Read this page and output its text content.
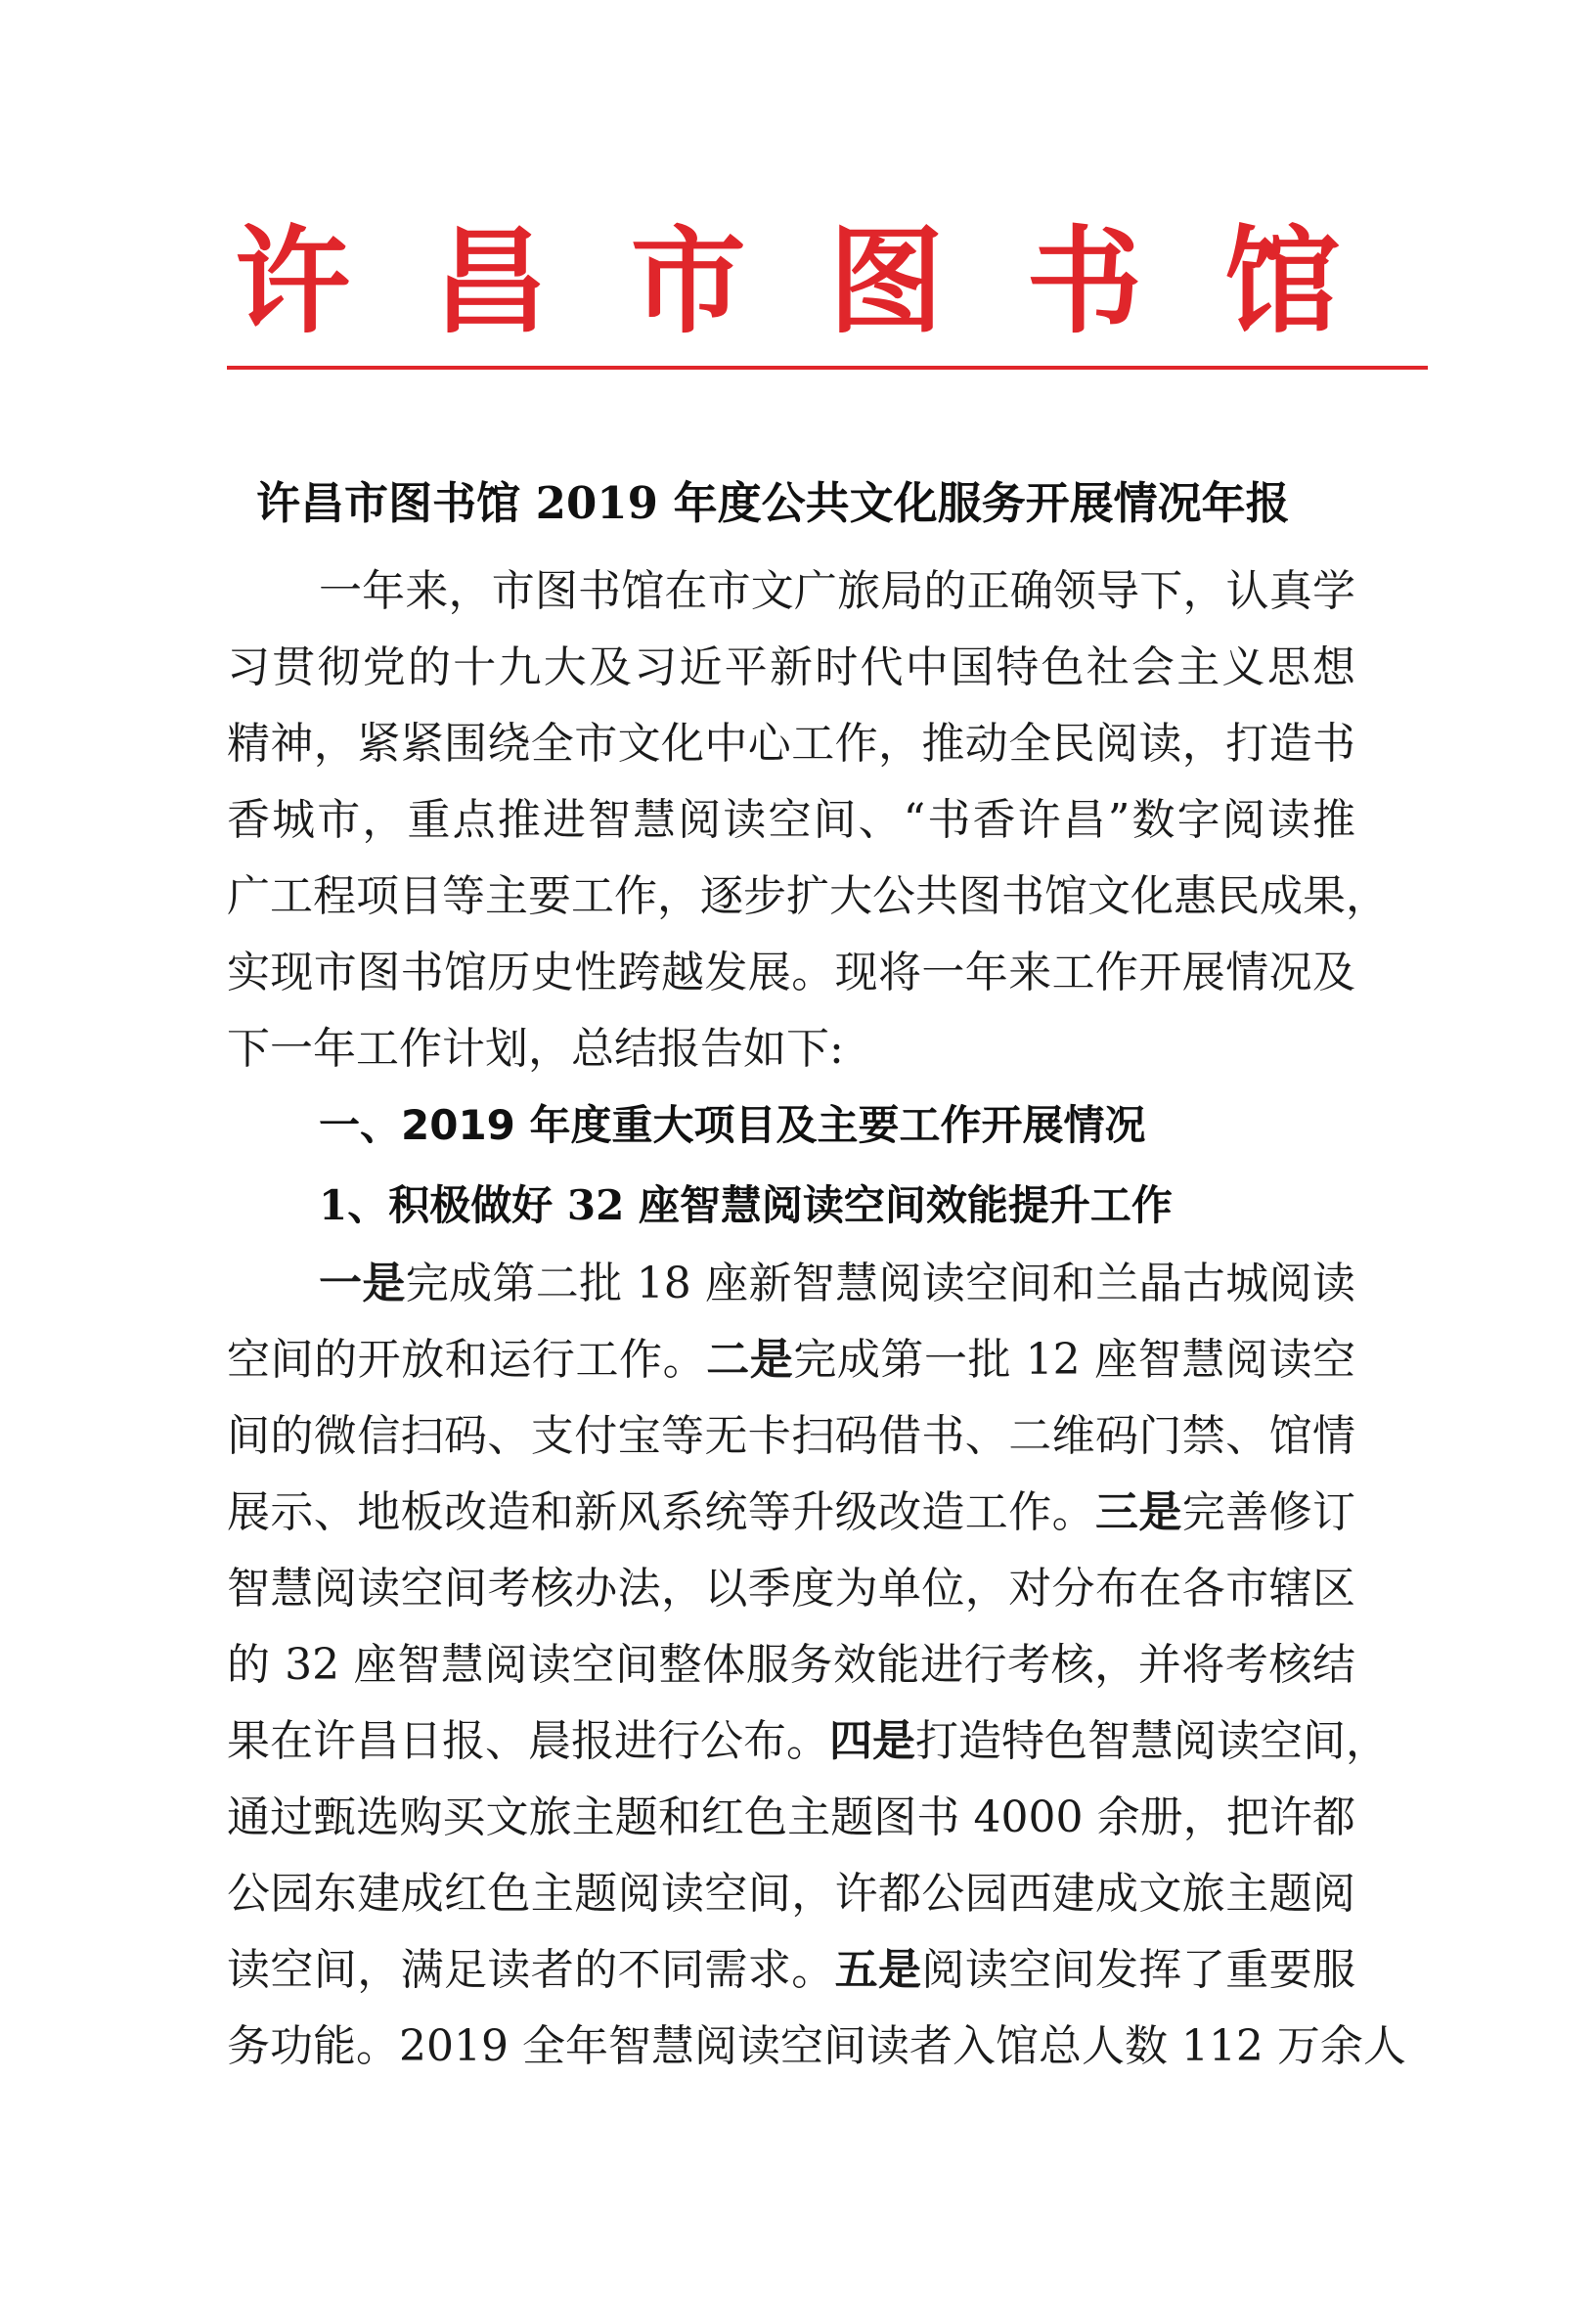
许 昌 市 图 书 馆
许昌市图书馆 2019 年度公共文化服务开展情况年报
一年来，市图书馆在市文广旅局的正确领导下，认真学
习贯彻党的十九大及习近平新时代中国特色社会主义思想
精神，紧紧围绕全市文化中心工作，推动全民阅读，打造书
香城市，重点推进智慧阅读空间、“书香许昌”数字阅读推
广工程项目等主要工作，逐步扩大公共图书馆文化惠民成果，
实现市图书馆历史性跨越发展。现将一年来工作开展情况及
下一年工作计划，总结报告如下:
一、2019 年度重大项目及主要工作开展情况
1、积极做好 32 座智慧阅读空间效能提升工作
一是完成第二批 18 座新智慧阅读空间和兰晶古城阅读
空间的开放和运行工作。二是完成第一批 12 座智慧阅读空
间的微信扫码、支付宝等无卡扫码借书、二维码门禁、馆情
展示、地板改造和新风系统等升级改造工作。三是完善修订
智慧阅读空间考核办法，以季度为单位，对分布在各市辖区
的 32 座智慧阅读空间整体服务效能进行考核，并将考核结
果在许昌日报、晨报进行公布。四是打造特色智慧阅读空间，
通过甄选购买文旅主题和红色主题图书 4000 余册，把许都
公园东建成红色主题阅读空间，许都公园西建成文旅主题阅
读空间，满足读者的不同需求。五是阅读空间发挥了重要服
务功能。2019 全年智慧阅读空间读者入馆总人数 112 万余人
